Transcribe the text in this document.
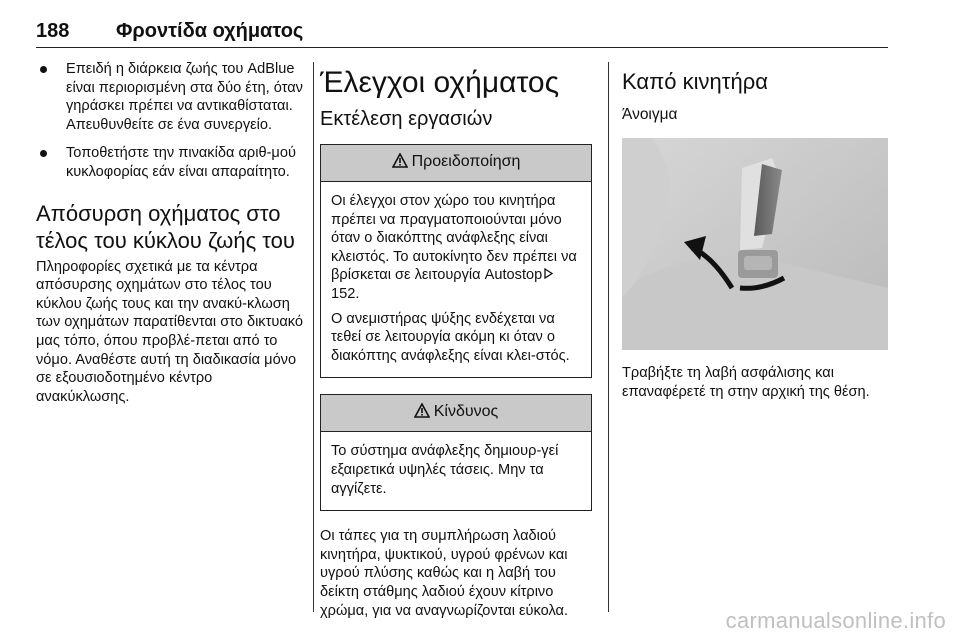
188	Φροντίδα οχήματος
Επειδή η διάρκεια ζωής του AdBlue είναι περιορισμένη στα δύο έτη, όταν γηράσκει πρέπει να αντικαθίσταται. Απευθυνθείτε σε ένα συνεργείο.
Τοποθετήστε την πινακίδα αριθ‑μού κυκλοφορίας εάν είναι απαραίτητο.
Απόσυρση οχήματος στο τέλος του κύκλου ζωής του

Πληροφορίες σχετικά με τα κέντρα απόσυρσης οχημάτων στο τέλος του κύκλου ζωής τους και την ανακύ‑κλωση των οχημάτων παρατίθενται στο δικτυακό μας τόπο, όπου προβλέ‑πεται από το νόμο. Αναθέστε αυτή τη διαδικασία μόνο σε εξουσιοδοτημένο κέντρο ανακύκλωσης.

Έλεγχοι οχήματος
Εκτέλεση εργασιών
Προειδοποίηση

Οι έλεγχοι στον χώρο του κινητήρα πρέπει να πραγματοποιούνται μόνο όταν ο διακόπτης ανάφλεξης είναι κλειστός. Το αυτοκίνητο δεν πρέπει να βρίσκεται σε λειτουργία Autostop152.

Ο ανεμιστήρας ψύξης ενδέχεται να τεθεί σε λειτουργία ακόμη κι όταν ο διακόπτης ανάφλεξης είναι κλει‑στός.

Κίνδυνος

Το σύστημα ανάφλεξης δημιουρ‑γεί εξαιρετικά υψηλές τάσεις. Μην τα αγγίζετε.

Οι τάπες για τη συμπλήρωση λαδιού κινητήρα, ψυκτικού, υγρού φρένων και υγρού πλύσης καθώς και η λαβή του δείκτη στάθμης λαδιού έχουν κίτρινο χρώμα, για να αναγνωρίζονται εύκολα.

Καπό κινητήρα
Άνοιγμα

Τραβήξτε τη λαβή ασφάλισης και επαναφέρετέ τη στην αρχική της θέση.

carmanualsonline.info
